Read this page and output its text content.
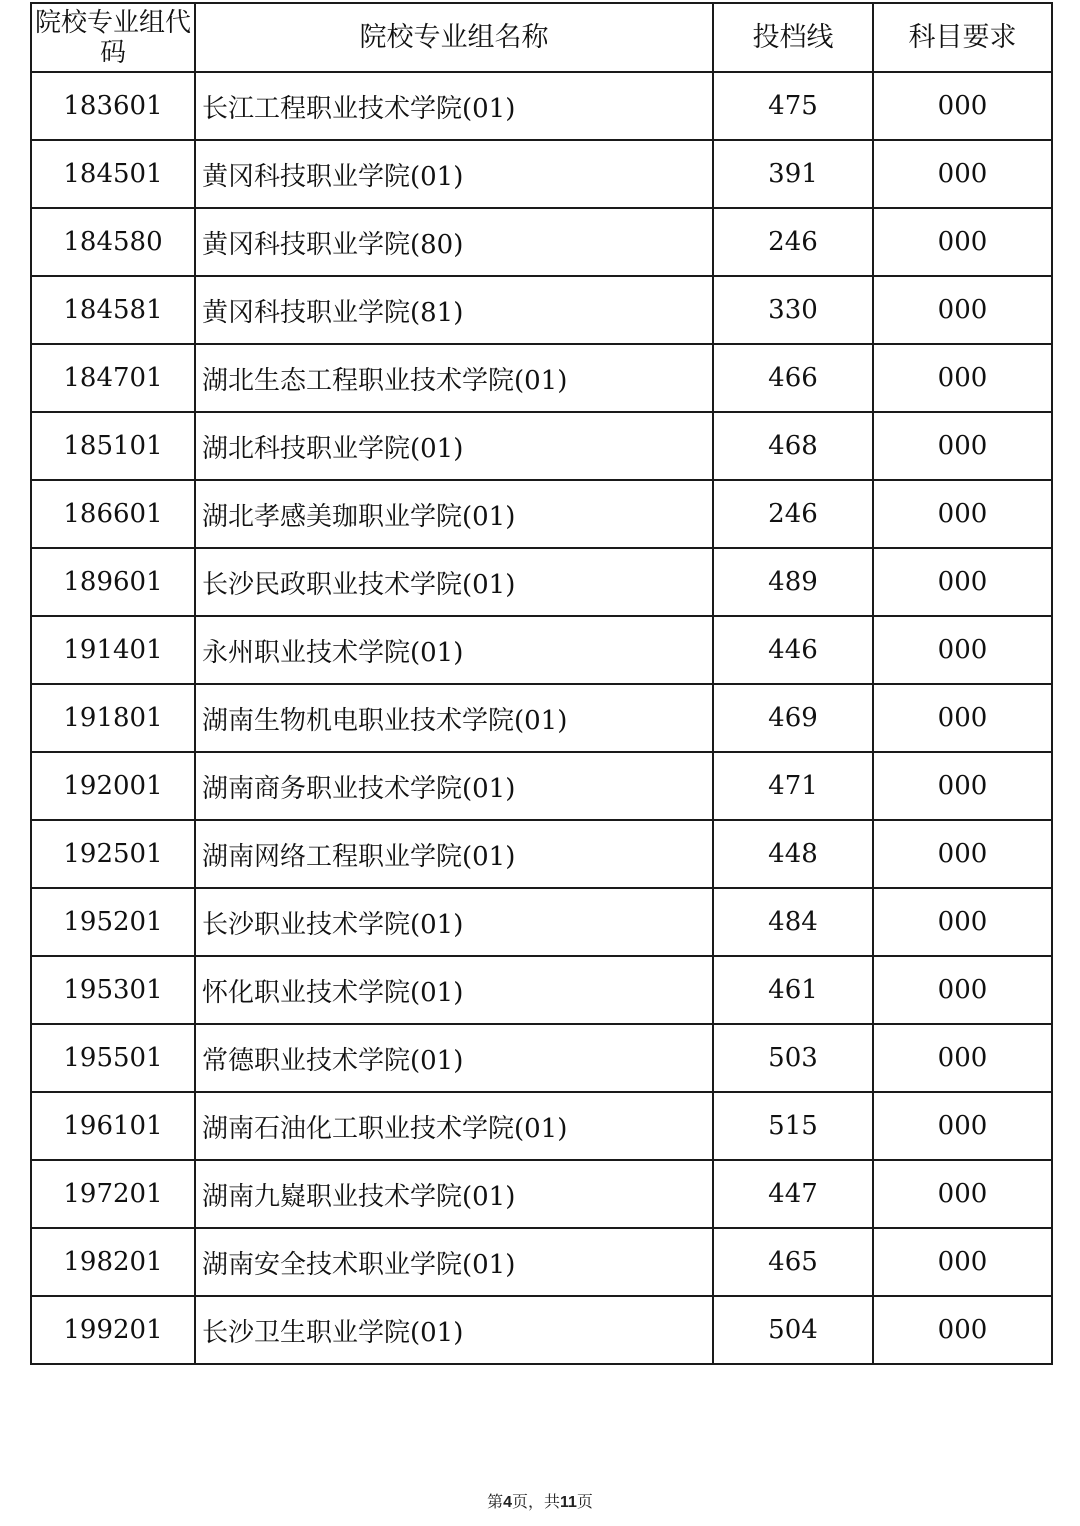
院校专业组代码	院校专业组名称	投档线	科目要求
183601	长江工程职业技术学院(01)	475	000
184501	黄冈科技职业学院(01)	391	000
184580	黄冈科技职业学院(80)	246	000
184581	黄冈科技职业学院(81)	330	000
184701	湖北生态工程职业技术学院(01)	466	000
185101	湖北科技职业学院(01)	468	000
186601	湖北孝感美珈职业学院(01)	246	000
189601	长沙民政职业技术学院(01)	489	000
191401	永州职业技术学院(01)	446	000
191801	湖南生物机电职业技术学院(01)	469	000
192001	湖南商务职业技术学院(01)	471	000
192501	湖南网络工程职业学院(01)	448	000
195201	长沙职业技术学院(01)	484	000
195301	怀化职业技术学院(01)	461	000
195501	常德职业技术学院(01)	503	000
196101	湖南石油化工职业技术学院(01)	515	000
197201	湖南九嶷职业技术学院(01)	447	000
198201	湖南安全技术职业学院(01)	465	000
199201	长沙卫生职业学院(01)	504	000
第4页，共11页
